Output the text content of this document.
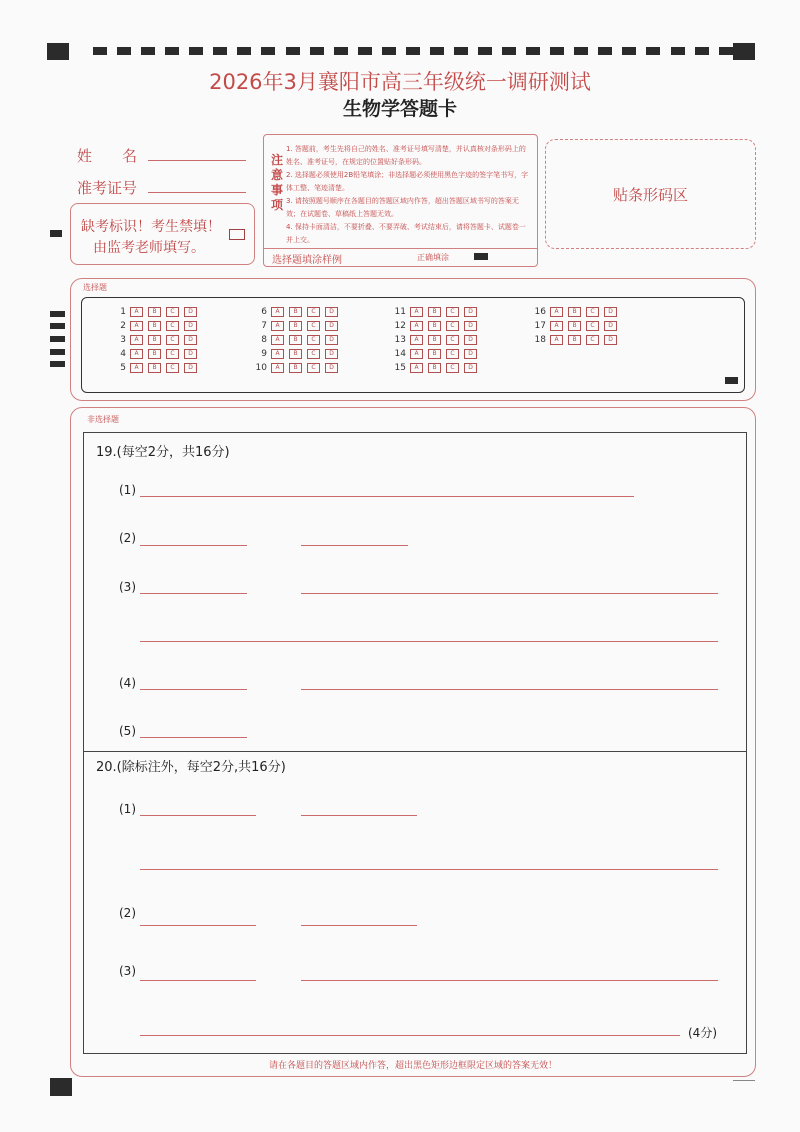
2026年3月襄阳市高三年级统一调研测试
生物学答题卡
姓　　名
准考证号
缺考标识！考生禁填！
由监考老师填写。
注意事项
1. 答题前，考生先将自己的姓名、准考证号填写清楚，并认真核对条形码上的姓名、准考证号，在规定的位置贴好条形码。
2. 选择题必须使用2B铅笔填涂；非选择题必须使用黑色字迹的签字笔书写，字体工整、笔迹清楚。
3. 请按照题号顺序在各题目的答题区域内作答，超出答题区域书写的答案无效；在试题卷、草稿纸上答题无效。
4. 保持卡面清洁，不要折叠、不要弄破、考试结束后，请将答题卡、试题卷一并上交。
选择题填涂样例	正确填涂
贴条形码区
选择题
1	A	B	C	D
2	A	B	C	D
3	A	B	C	D
4	A	B	C	D
5	A	B	C	D
6	A	B	C	D
7	A	B	C	D
8	A	B	C	D
9	A	B	C	D
10	A	B	C	D
11	A	B	C	D
12	A	B	C	D
13	A	B	C	D
14	A	B	C	D
15	A	B	C	D
16	A	B	C	D
17	A	B	C	D
18	A	B	C	D
非选择题
请在各题目的答题区域内作答，超出黑色矩形边框限定区域的答案无效！
19.(每空2分，共16分)
(1)
(2)
(3)
(4)
(5)
20.(除标注外，每空2分,共16分)
(1)
(2)
(3)
(4分)
